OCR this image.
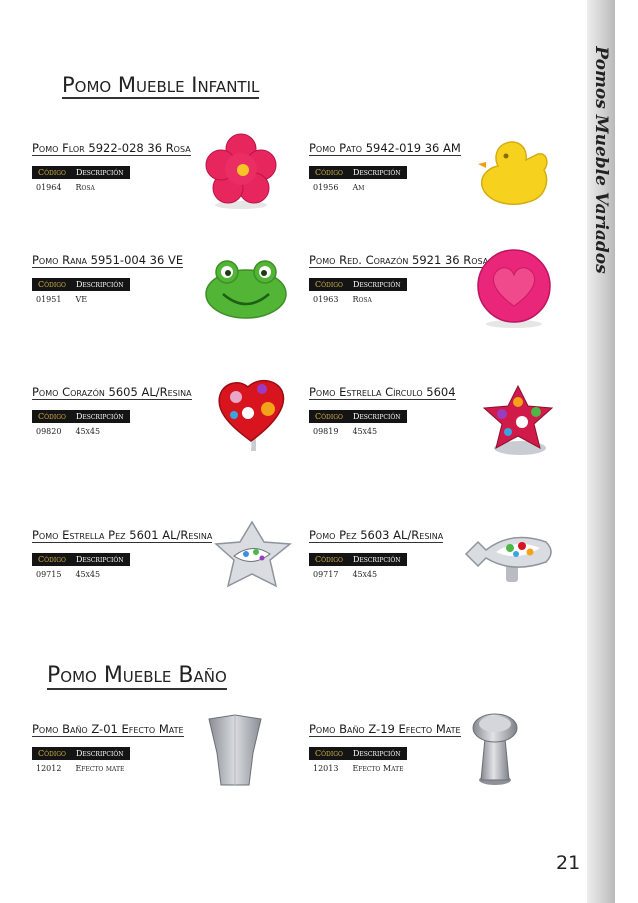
Pomos Mueble Variados
Pomo Mueble Infantil
Pomo Mueble Baño
Pomo Flor 5922-028 36 Rosa
Código Descripción
01964 Rosa
Pomo Pato 5942-019 36 AM
Código Descripción
01956 Am
Pomo Rana 5951-004 36 VE
Código Descripción
01951 VE
Pomo Red. Corazón 5921 36 Rosa
Código Descripción
01963 Rosa
Pomo Corazón 5605 AL/Resina
Código Descripción
09820 45x45
Pomo Estrella Círculo 5604
Código Descripción
09819 45x45
Pomo Estrella Pez 5601 AL/Resina
Código Descripción
09715 45x45
Pomo Pez 5603 AL/Resina
Código Descripción
09717 45x45
Pomo Baño Z-01 Efecto Mate
Código Descripción
12012 Efecto mate
Pomo Baño Z-19 Efecto Mate
Código Descripción
12013 Efecto Mate
21
